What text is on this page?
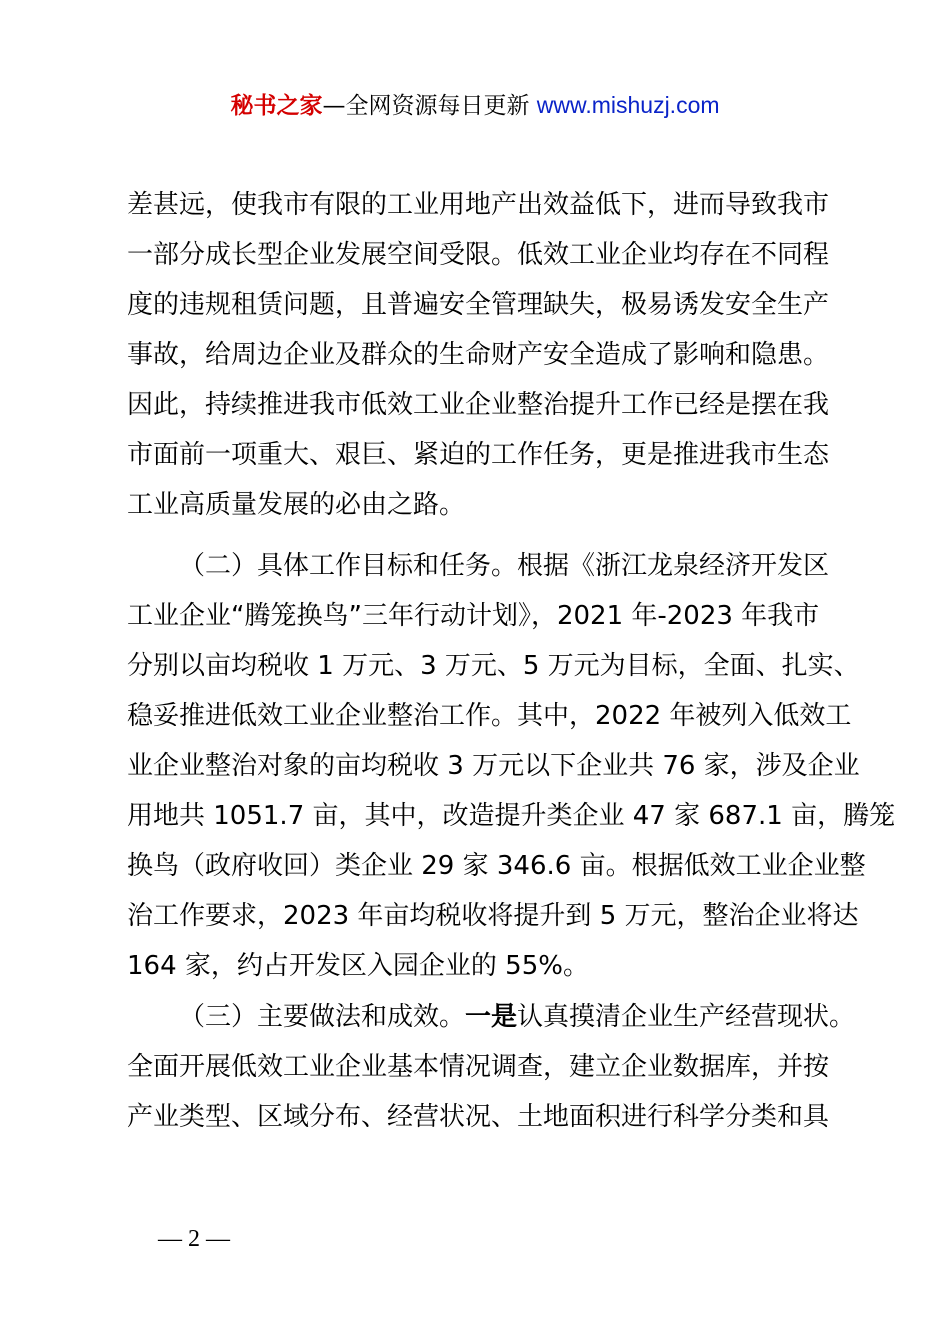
秘书之家—全网资源每日更新 www.mishuzj.com
差甚远，使我市有限的工业用地产出效益低下，进而导致我市
一部分成长型企业发展空间受限。低效工业企业均存在不同程
度的违规租赁问题，且普遍安全管理缺失，极易诱发安全生产
事故，给周边企业及群众的生命财产安全造成了影响和隐患。
因此，持续推进我市低效工业企业整治提升工作已经是摆在我
市面前一项重大、艰巨、紧迫的工作任务，更是推进我市生态
工业高质量发展的必由之路。
（二）具体工作目标和任务。根据《浙江龙泉经济开发区
工业企业“腾笼换鸟”三年行动计划》，2021 年-2023 年我市
分别以亩均税收 1 万元、3 万元、5 万元为目标，全面、扎实、
稳妥推进低效工业企业整治工作。其中，2022 年被列入低效工
业企业整治对象的亩均税收 3 万元以下企业共 76 家，涉及企业
用地共 1051.7 亩，其中，改造提升类企业 47 家 687.1 亩，腾笼
换鸟（政府收回）类企业 29 家 346.6 亩。根据低效工业企业整
治工作要求，2023 年亩均税收将提升到 5 万元，整治企业将达
164 家，约占开发区入园企业的 55%。
（三）主要做法和成效。一是认真摸清企业生产经营现状。
全面开展低效工业企业基本情况调查，建立企业数据库，并按
产业类型、区域分布、经营状况、土地面积进行科学分类和具
— 2 —
